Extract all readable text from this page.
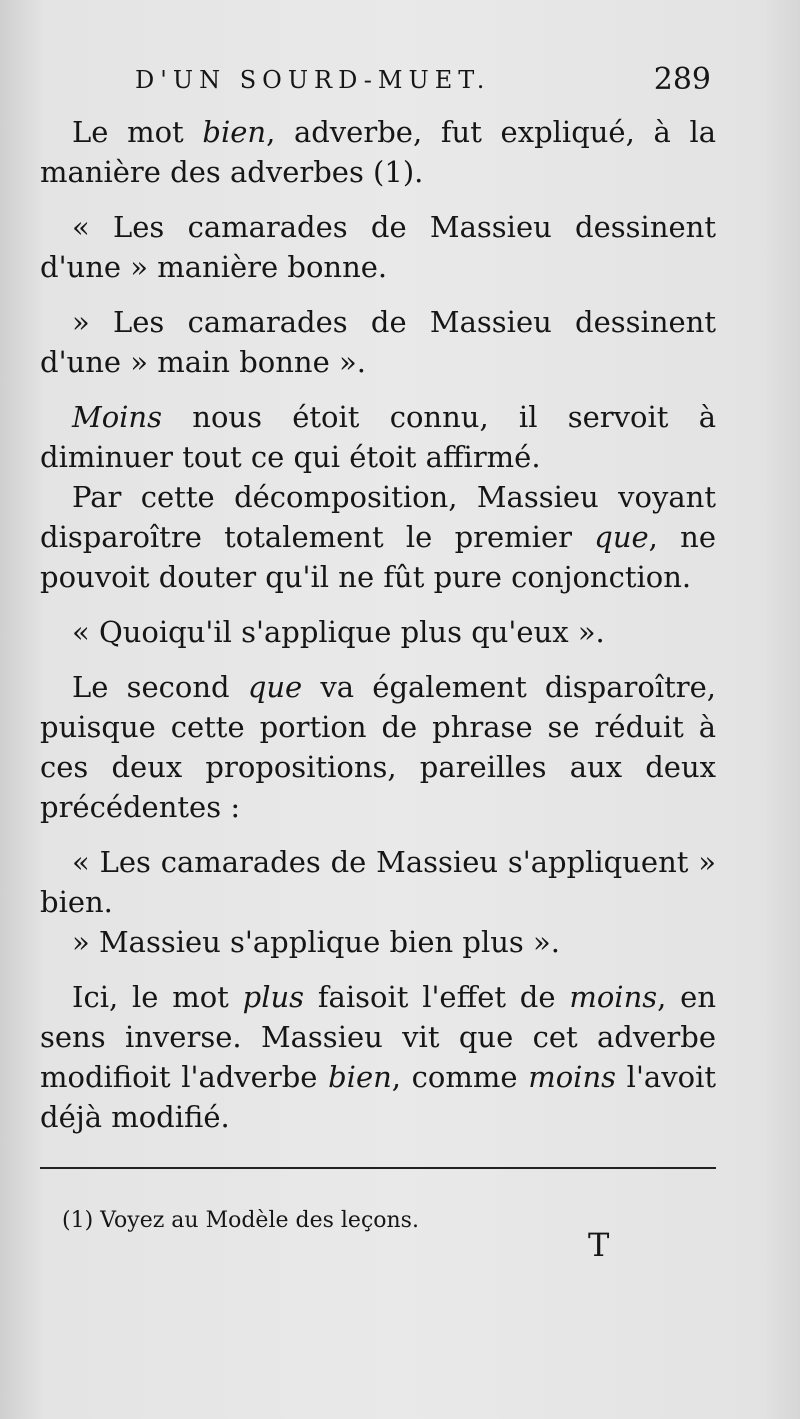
D'UN SOURD-MUET.	289

Le mot bien, adverbe, fut expliqué, à la manière des adverbes (1).

« Les camarades de Massieu dessinent d'une » manière bonne.

» Les camarades de Massieu dessinent d'une » main bonne ».

Moins nous étoit connu, il servoit à diminuer tout ce qui étoit affirmé.

Par cette décomposition, Massieu voyant disparoître totalement le premier que, ne pouvoit douter qu'il ne fût pure conjonction.

« Quoiqu'il s'applique plus qu'eux ».

Le second que va également disparoître, puisque cette portion de phrase se réduit à ces deux propositions, pareilles aux deux précédentes :

« Les camarades de Massieu s'appliquent » bien.

» Massieu s'applique bien plus ».

Ici, le mot plus faisoit l'effet de moins, en sens inverse. Massieu vit que cet adverbe modifioit l'adverbe bien, comme moins l'avoit déjà modifié.

(1) Voyez au Modèle des leçons.
T
